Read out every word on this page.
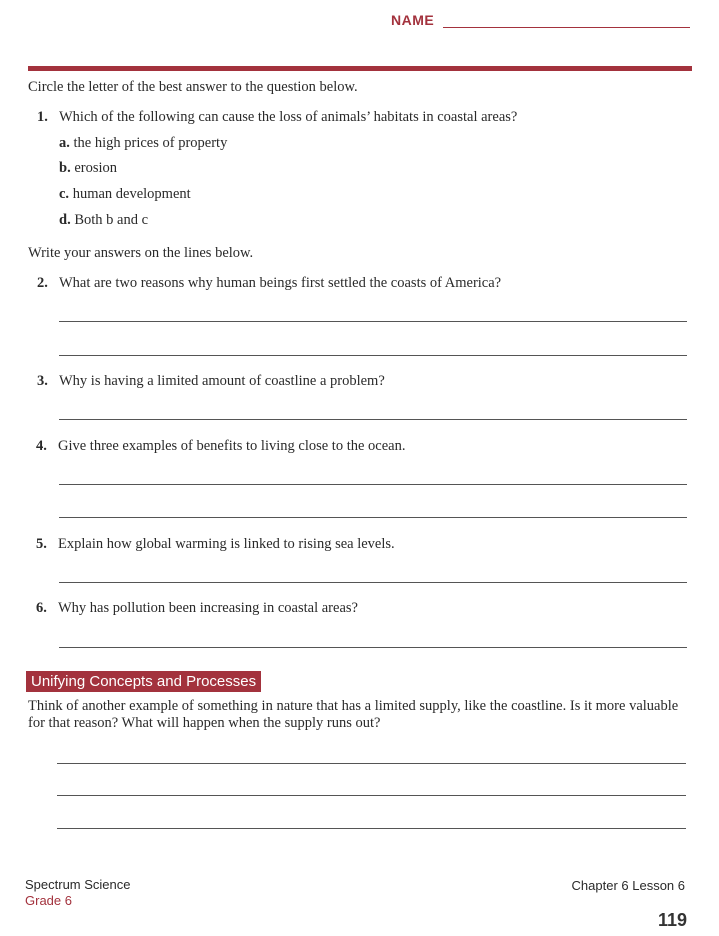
NAME
Circle the letter of the best answer to the question below.
1. Which of the following can cause the loss of animals’ habitats in coastal areas?
a. the high prices of property
b. erosion
c. human development
d. Both b and c
Write your answers on the lines below.
2. What are two reasons why human beings first settled the coasts of America?
3. Why is having a limited amount of coastline a problem?
4. Give three examples of benefits to living close to the ocean.
5. Explain how global warming is linked to rising sea levels.
6. Why has pollution been increasing in coastal areas?
Unifying Concepts and Processes
Think of another example of something in nature that has a limited supply, like the coastline. Is it more valuable for that reason? What will happen when the supply runs out?
Spectrum Science
Grade 6
Chapter 6 Lesson 6
119
